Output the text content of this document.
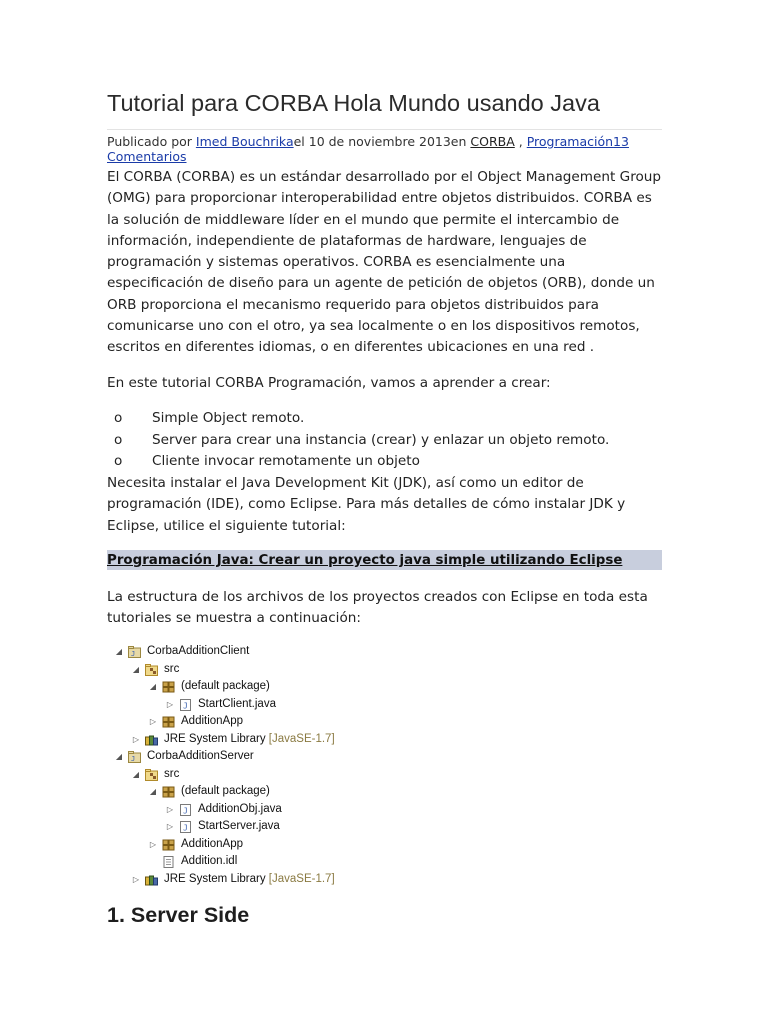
Tutorial para CORBA Hola Mundo usando Java
Publicado por Imed Bouchrikael 10 de noviembre 2013en CORBA , Programación13 Comentarios

El CORBA (CORBA) es un estándar desarrollado por el Object Management Group (OMG) para proporcionar interoperabilidad entre objetos distribuidos. CORBA es la solución de middleware líder en el mundo que permite el intercambio de información, independiente de plataformas de hardware, lenguajes de programación y sistemas operativos. CORBA es esencialmente una especificación de diseño para un agente de petición de objetos (ORB), donde un ORB proporciona el mecanismo requerido para objetos distribuidos para comunicarse uno con el otro, ya sea localmente o en los dispositivos remotos, escritos en diferentes idiomas, o en diferentes ubicaciones en una red .

En este tutorial CORBA Programación, vamos a aprender a crear:

o Simple Object remoto.
o Server para crear una instancia (crear) y enlazar un objeto remoto.
o Cliente invocar remotamente un objeto

Necesita instalar el Java Development Kit (JDK), así como un editor de programación (IDE), como Eclipse. Para más detalles de cómo instalar JDK y Eclipse, utilice el siguiente tutorial:

Programación Java: Crear un proyecto java simple utilizando Eclipse

La estructura de los archivos de los proyectos creados con Eclipse en toda esta tutoriales se muestra a continuación:

1. Server Side
◢ J CorbaAdditionClient
◢ src
◢ (default package)
▷ J StartClient.java
▷ AdditionApp
▷ JRE System Library [JavaSE-1.7]
◢ J CorbaAdditionServer
◢ src
◢ (default package)
▷ J AdditionObj.java
▷ J StartServer.java
▷ AdditionApp
Addition.idl
▷ JRE System Library [JavaSE-1.7]
